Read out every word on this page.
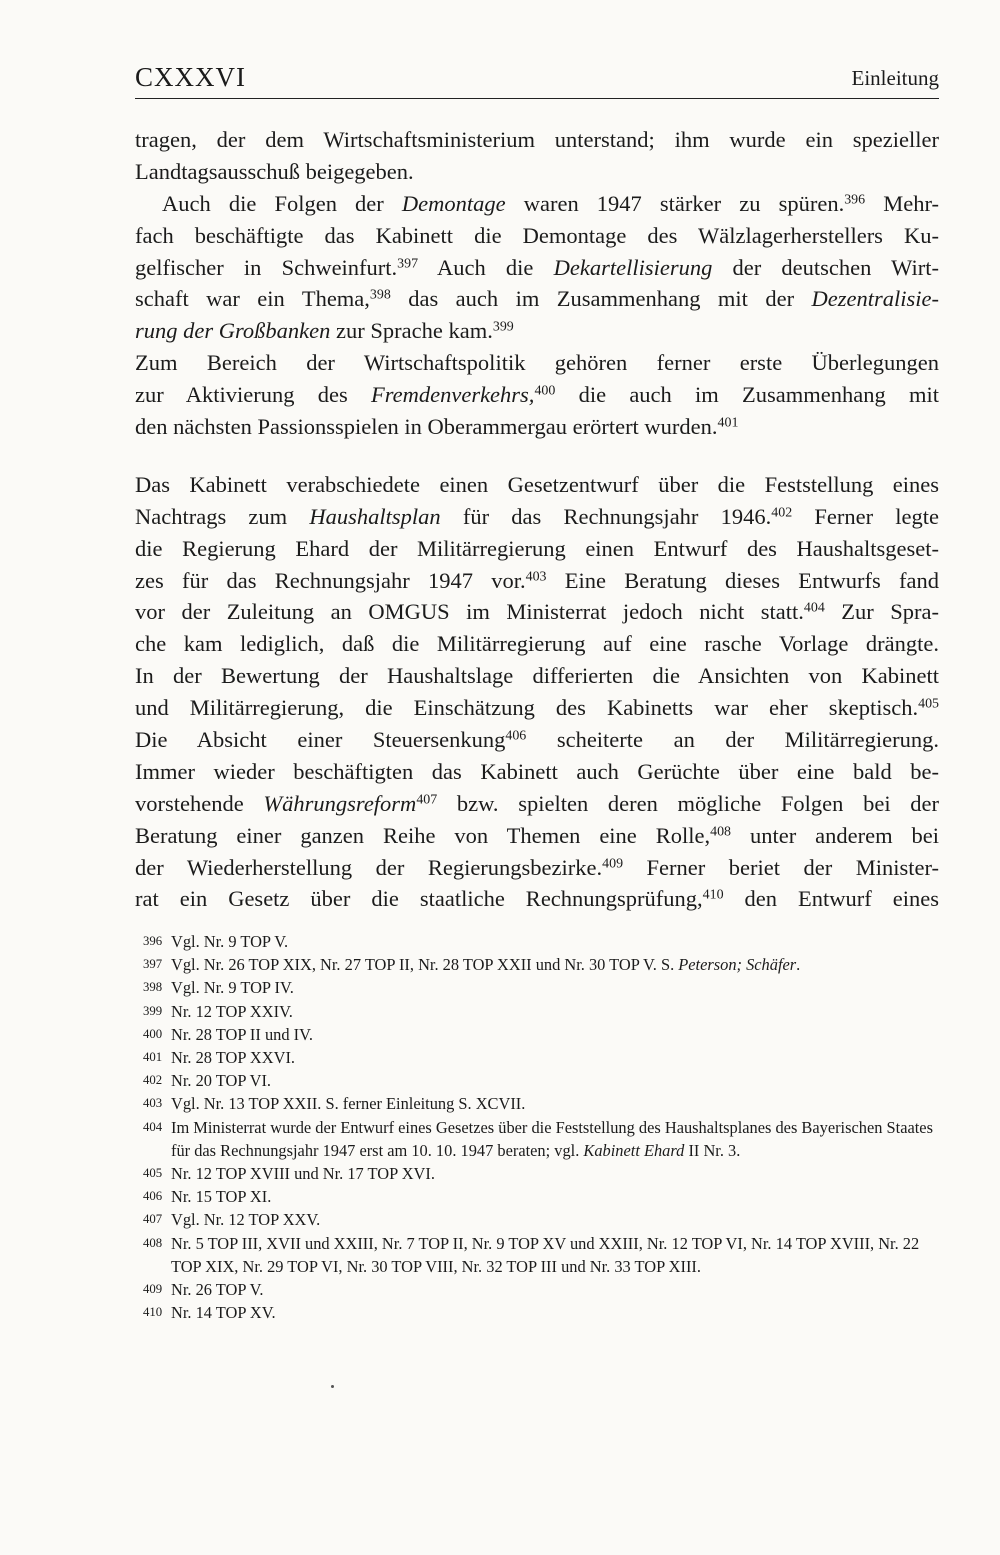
CXXXVI	Einleitung
tragen, der dem Wirtschaftsministerium unterstand; ihm wurde ein spezieller
Landtagsausschuß beigegeben.
Auch die Folgen der Demontage waren 1947 stärker zu spüren.$^{396}$ Mehr-
fach beschäftigte das Kabinett die Demontage des Wälzlagerherstellers Ku-
gelfischer in Schweinfurt.$^{397}$ Auch die Dekartellisierung der deutschen Wirt-
schaft war ein Thema,$^{398}$ das auch im Zusammenhang mit der Dezentralisie-
rung der Großbanken zur Sprache kam.$^{399}$
Zum Bereich der Wirtschaftspolitik gehören ferner erste Überlegungen
zur Aktivierung des Fremdenverkehrs,$^{400}$ die auch im Zusammenhang mit
den nächsten Passionsspielen in Oberammergau erörtert wurden.$^{401}$
Das Kabinett verabschiedete einen Gesetzentwurf über die Feststellung eines
Nachtrags zum Haushaltsplan für das Rechnungsjahr 1946.$^{402}$ Ferner legte
die Regierung Ehard der Militärregierung einen Entwurf des Haushaltsgeset-
zes für das Rechnungsjahr 1947 vor.$^{403}$ Eine Beratung dieses Entwurfs fand
vor der Zuleitung an OMGUS im Ministerrat jedoch nicht statt.$^{404}$ Zur Spra-
che kam lediglich, daß die Militärregierung auf eine rasche Vorlage drängte.
In der Bewertung der Haushaltslage differierten die Ansichten von Kabinett
und Militärregierung, die Einschätzung des Kabinetts war eher skeptisch.$^{405}$
Die Absicht einer Steuersenkung$^{406}$ scheiterte an der Militärregierung.
Immer wieder beschäftigten das Kabinett auch Gerüchte über eine bald be-
vorstehende Währungsreform$^{407}$ bzw. spielten deren mögliche Folgen bei der
Beratung einer ganzen Reihe von Themen eine Rolle,$^{408}$ unter anderem bei
der Wiederherstellung der Regierungsbezirke.$^{409}$ Ferner beriet der Minister-
rat ein Gesetz über die staatliche Rechnungsprüfung,$^{410}$ den Entwurf eines
396 Vgl. Nr. 9 TOP V.
397 Vgl. Nr. 26 TOP XIX, Nr. 27 TOP II, Nr. 28 TOP XXII und Nr. 30 TOP V. S. Peterson; Schäfer.
398 Vgl. Nr. 9 TOP IV.
399 Nr. 12 TOP XXIV.
400 Nr. 28 TOP II und IV.
401 Nr. 28 TOP XXVI.
402 Nr. 20 TOP VI.
403 Vgl. Nr. 13 TOP XXII. S. ferner Einleitung S. XCVII.
404 Im Ministerrat wurde der Entwurf eines Gesetzes über die Feststellung des Haushaltsplanes des Bayerischen Staates für das Rechnungsjahr 1947 erst am 10. 10. 1947 beraten; vgl. Kabinett Ehard II Nr. 3.
405 Nr. 12 TOP XVIII und Nr. 17 TOP XVI.
406 Nr. 15 TOP XI.
407 Vgl. Nr. 12 TOP XXV.
408 Nr. 5 TOP III, XVII und XXIII, Nr. 7 TOP II, Nr. 9 TOP XV und XXIII, Nr. 12 TOP VI, Nr. 14 TOP XVIII, Nr. 22 TOP XIX, Nr. 29 TOP VI, Nr. 30 TOP VIII, Nr. 32 TOP III und Nr. 33 TOP XIII.
409 Nr. 26 TOP V.
410 Nr. 14 TOP XV.
